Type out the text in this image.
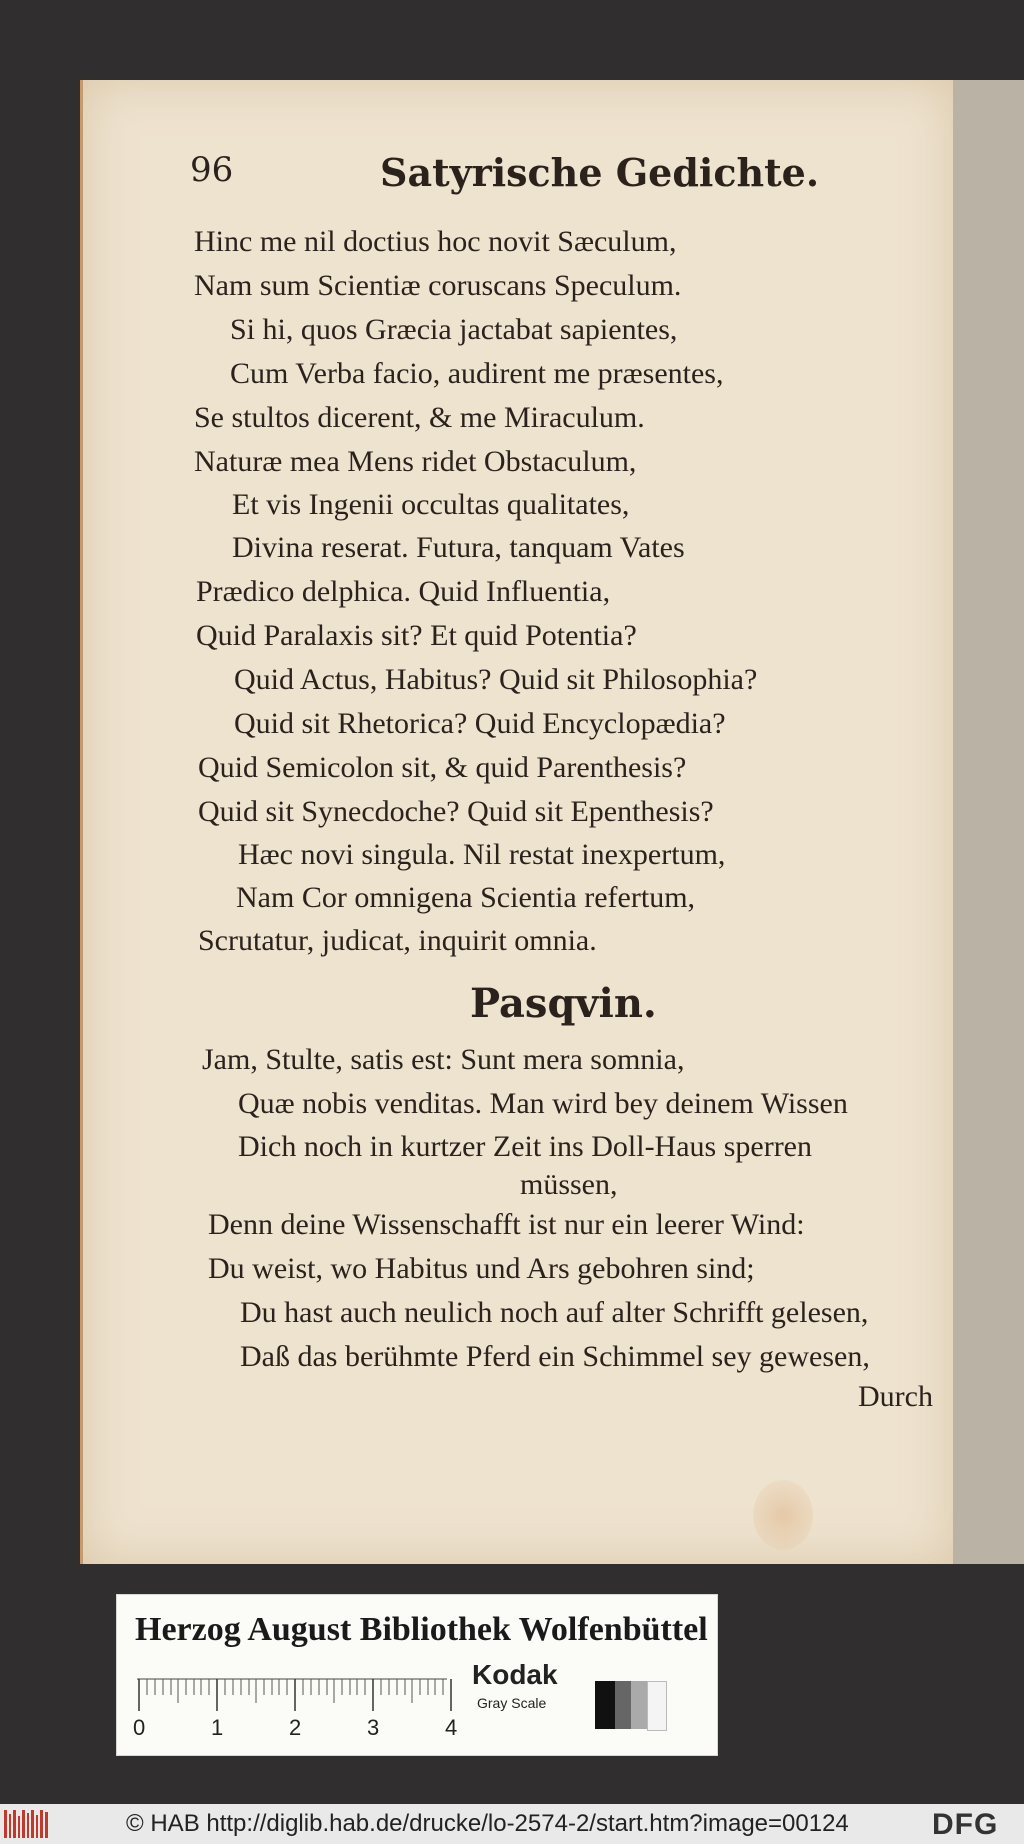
96	Satyrische Gedichte.
Hinc me nil doctius hoc novit Sæculum,
Nam sum Scientiæ coruscans Speculum.
Si hi, quos Græcia jactabat sapientes,
Cum Verba facio, audirent me præsentes,
Se stultos dicerent, & me Miraculum.
Naturæ mea Mens ridet Obstaculum,
Et vis Ingenii occultas qualitates,
Divina reserat. Futura, tanquam Vates
Prædico delphica. Quid Influentia,
Quid Paralaxis sit? Et quid Potentia?
Quid Actus, Habitus? Quid sit Philosophia?
Quid sit Rhetorica? Quid Encyclopædia?
Quid Semicolon sit, & quid Parenthesis?
Quid sit Synecdoche? Quid sit Epenthesis?
Hæc novi singula. Nil restat inexpertum,
Nam Cor omnigena Scientia refertum,
Scrutatur, judicat, inquirit omnia.
Pasqvin.
Jam, Stulte, satis est: Sunt mera somnia,
Quæ nobis venditas. Man wird bey deinem Wissen
Dich noch in kurtzer Zeit ins Doll-Haus sperren
müssen,
Denn deine Wissenschafft ist nur ein leerer Wind:
Du weist, wo Habitus und Ars gebohren sind;
Du hast auch neulich noch auf alter Schrifft gelesen,
Daß das berühmte Pferd ein Schimmel sey gewesen,
Durch
Herzog August Bibliothek Wolfenbüttel
0	1	2	3	4
Kodak
Gray Scale
© HAB http://diglib.hab.de/drucke/lo-2574-2/start.htm?image=00124	DFG
